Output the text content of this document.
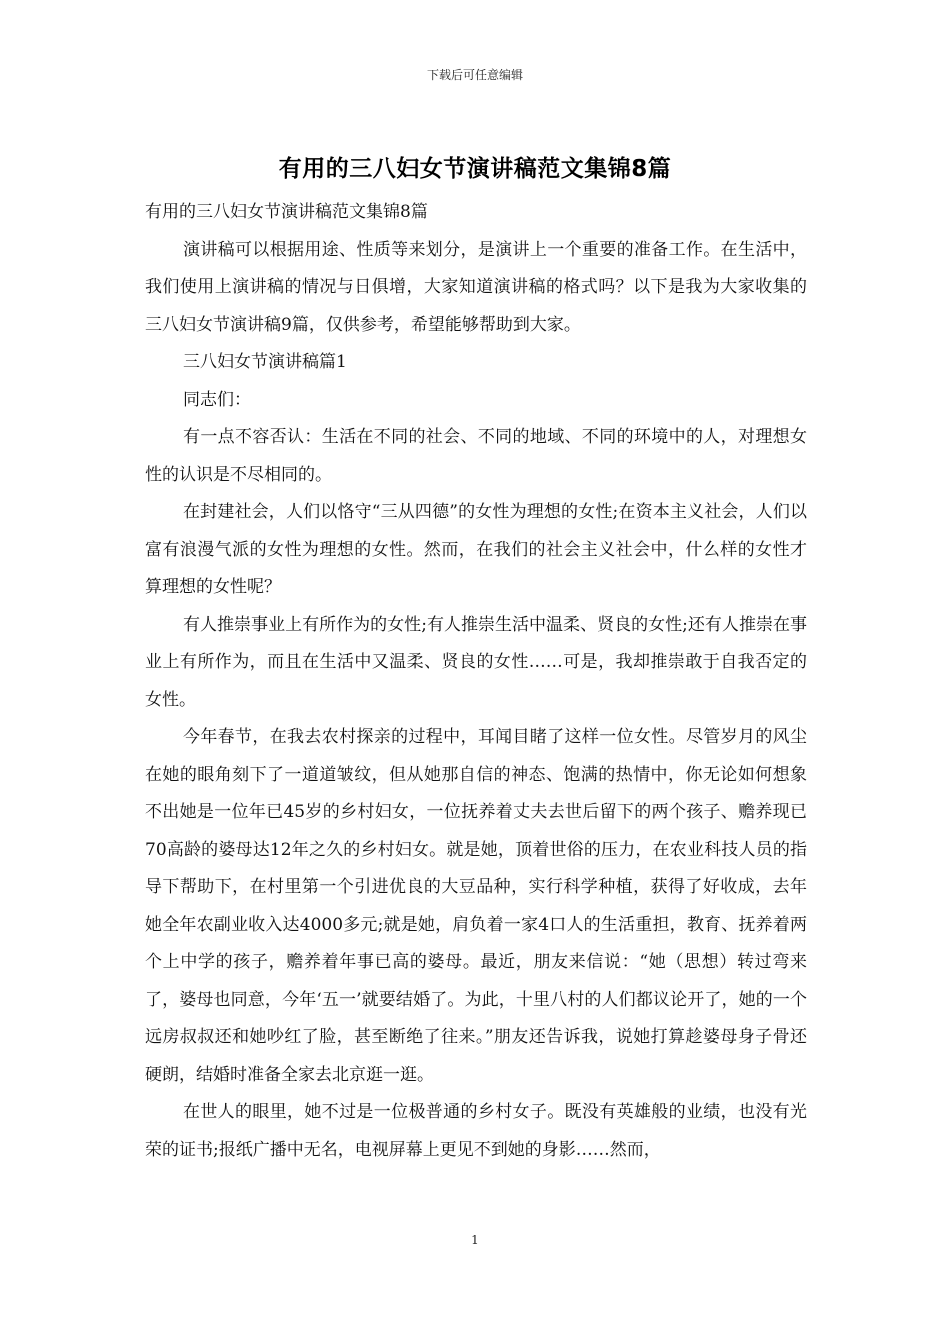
下载后可任意编辑
有用的三八妇女节演讲稿范文集锦8篇

有用的三八妇女节演讲稿范文集锦8篇

演讲稿可以根据用途、性质等来划分，是演讲上一个重要的准备工作。在生活中，我们使用上演讲稿的情况与日俱增，大家知道演讲稿的格式吗？以下是我为大家收集的三八妇女节演讲稿9篇，仅供参考，希望能够帮助到大家。

三八妇女节演讲稿篇1

同志们：

有一点不容否认：生活在不同的社会、不同的地域、不同的环境中的人，对理想女性的认识是不尽相同的。

在封建社会，人们以恪守“三从四德”的女性为理想的女性;在资本主义社会，人们以富有浪漫气派的女性为理想的女性。然而，在我们的社会主义社会中，什么样的女性才算理想的女性呢？

有人推崇事业上有所作为的女性;有人推崇生活中温柔、贤良的女性;还有人推崇在事业上有所作为，而且在生活中又温柔、贤良的女性……可是，我却推崇敢于自我否定的女性。

今年春节，在我去农村探亲的过程中，耳闻目睹了这样一位女性。尽管岁月的风尘在她的眼角刻下了一道道皱纹，但从她那自信的神态、饱满的热情中，你无论如何想象不出她是一位年已45岁的乡村妇女，一位抚养着丈夫去世后留下的两个孩子、赡养现已70高龄的婆母达12年之久的乡村妇女。就是她，顶着世俗的压力，在农业科技人员的指导下帮助下，在村里第一个引进优良的大豆品种，实行科学种植，获得了好收成，去年她全年农副业收入达4000多元;就是她，肩负着一家4口人的生活重担，教育、抚养着两个上中学的孩子，赡养着年事已高的婆母。最近，朋友来信说：“她（思想）转过弯来了，婆母也同意，今年‘五一’就要结婚了。为此，十里八村的人们都议论开了，她的一个远房叔叔还和她吵红了脸，甚至断绝了往来。”朋友还告诉我，说她打算趁婆母身子骨还硬朗，结婚时准备全家去北京逛一逛。

在世人的眼里，她不过是一位极普通的乡村女子。既没有英雄般的业绩，也没有光荣的证书;报纸广播中无名，电视屏幕上更见不到她的身影……然而，

1
